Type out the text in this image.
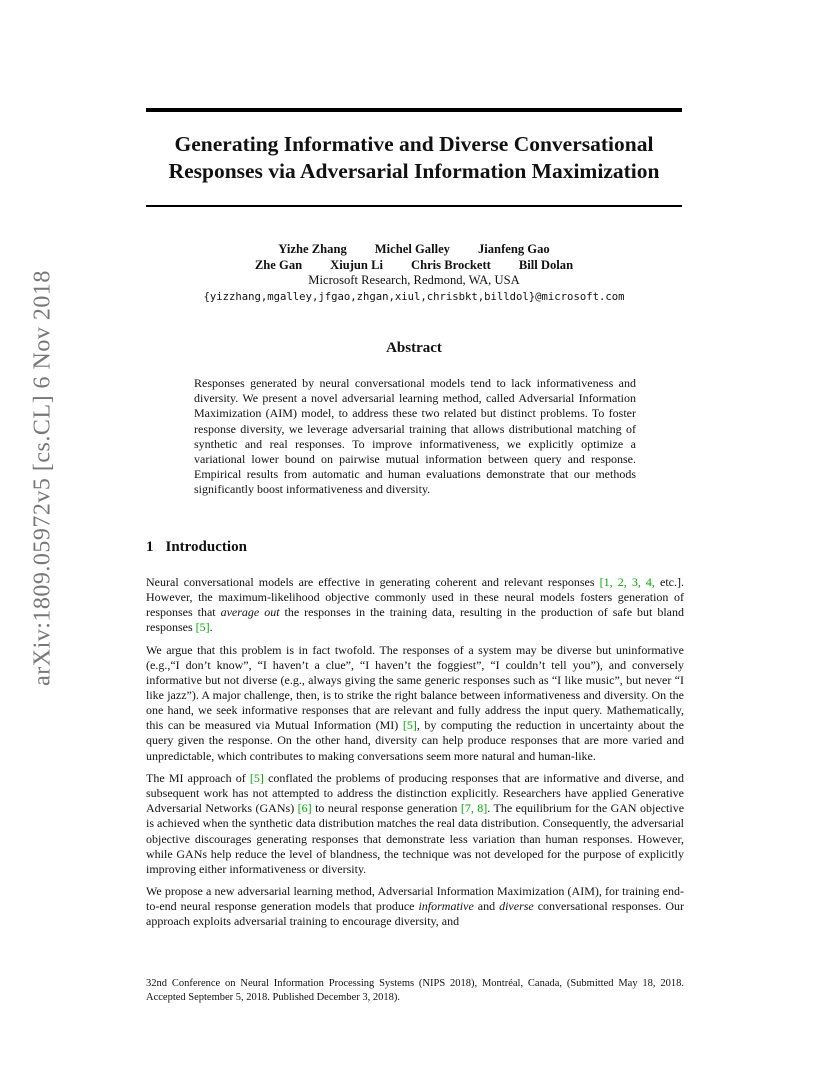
arXiv:1809.05972v5 [cs.CL] 6 Nov 2018
Generating Informative and Diverse Conversational
Responses via Adversarial Information Maximization
Yizhe Zhang Michel Galley Jianfeng Gao
Zhe Gan Xiujun Li Chris Brockett Bill Dolan
Microsoft Research, Redmond, WA, USA
{yizzhang,mgalley,jfgao,zhgan,xiul,chrisbkt,billdol}@microsoft.com
Abstract

Responses generated by neural conversational models tend to lack informativeness and diversity. We present a novel adversarial learning method, called Adversarial Information Maximization (AIM) model, to address these two related but distinct problems. To foster response diversity, we leverage adversarial training that allows distributional matching of synthetic and real responses. To improve informativeness, we explicitly optimize a variational lower bound on pairwise mutual information between query and response. Empirical results from automatic and human evaluations demonstrate that our methods significantly boost informativeness and diversity.

1 Introduction

Neural conversational models are effective in generating coherent and relevant responses [1, 2, 3, 4, etc.]. However, the maximum-likelihood objective commonly used in these neural models fosters generation of responses that average out the responses in the training data, resulting in the production of safe but bland responses [5].

We argue that this problem is in fact twofold. The responses of a system may be diverse but uninformative (e.g.,“I don’t know”, “I haven’t a clue”, “I haven’t the foggiest”, “I couldn’t tell you”), and conversely informative but not diverse (e.g., always giving the same generic responses such as “I like music”, but never “I like jazz”). A major challenge, then, is to strike the right balance between informativeness and diversity. On the one hand, we seek informative responses that are relevant and fully address the input query. Mathematically, this can be measured via Mutual Information (MI) [5], by computing the reduction in uncertainty about the query given the response. On the other hand, diversity can help produce responses that are more varied and unpredictable, which contributes to making conversations seem more natural and human-like.

The MI approach of [5] conflated the problems of producing responses that are informative and diverse, and subsequent work has not attempted to address the distinction explicitly. Researchers have applied Generative Adversarial Networks (GANs) [6] to neural response generation [7, 8]. The equilibrium for the GAN objective is achieved when the synthetic data distribution matches the real data distribution. Consequently, the adversarial objective discourages generating responses that demonstrate less variation than human responses. However, while GANs help reduce the level of blandness, the technique was not developed for the purpose of explicitly improving either informativeness or diversity.

We propose a new adversarial learning method, Adversarial Information Maximization (AIM), for training end-to-end neural response generation models that produce informative and diverse conversational responses. Our approach exploits adversarial training to encourage diversity, and

32nd Conference on Neural Information Processing Systems (NIPS 2018), Montréal, Canada, (Submitted May 18, 2018. Accepted September 5, 2018. Published December 3, 2018).
